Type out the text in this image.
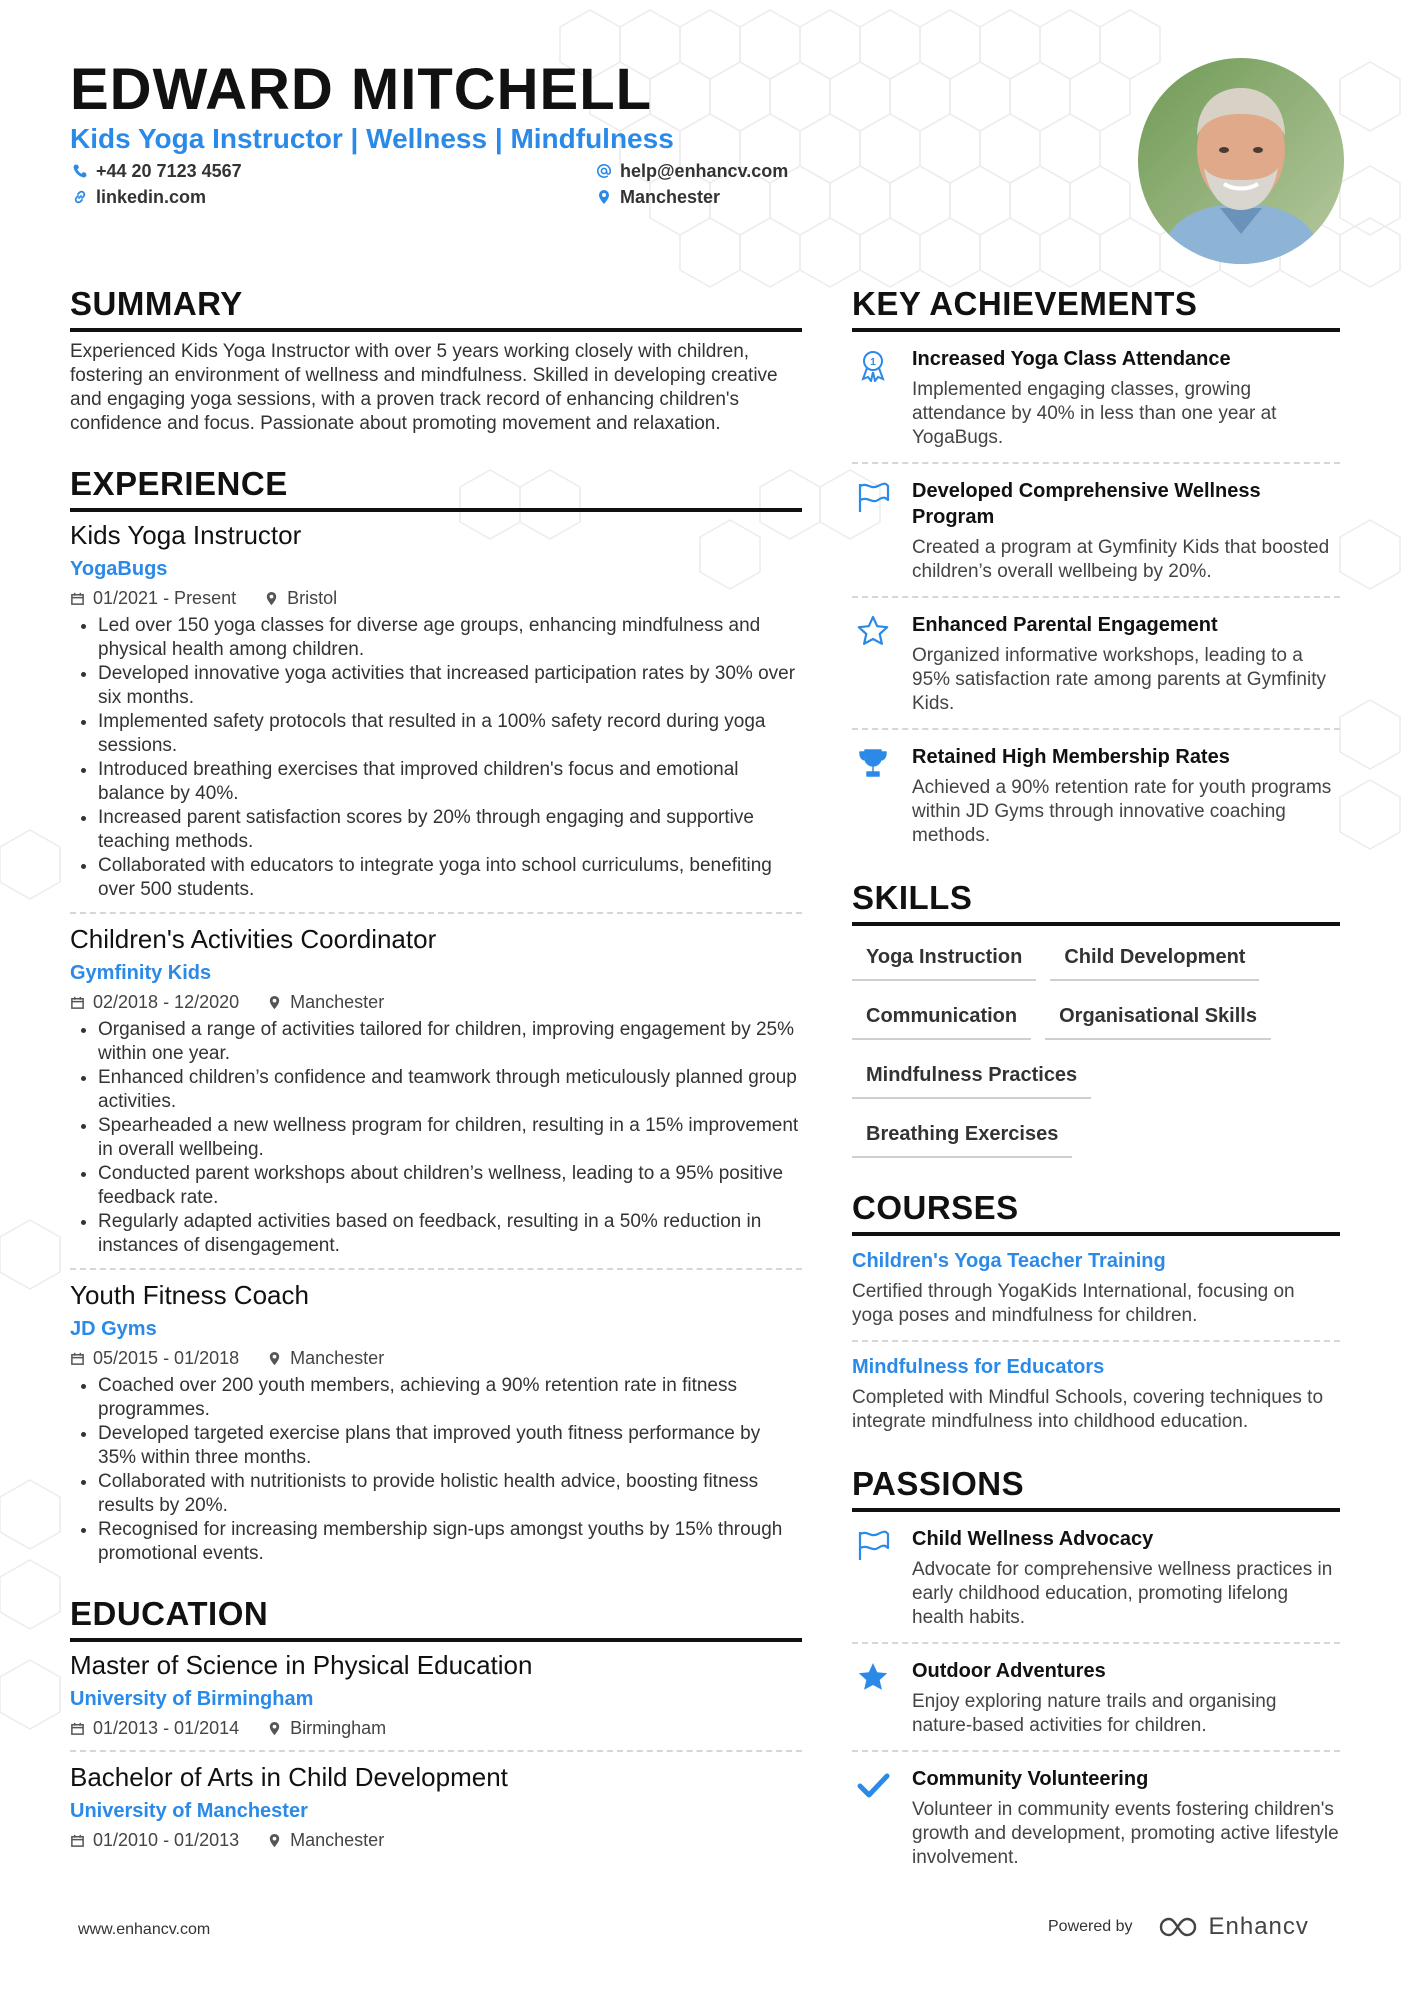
EDWARD MITCHELL
Kids Yoga Instructor | Wellness | Mindfulness
+44 20 7123 4567
linkedin.com
help@enhancv.com
Manchester
SUMMARY

Experienced Kids Yoga Instructor with over 5 years working closely with children, fostering an environment of wellness and mindfulness. Skilled in developing creative and engaging yoga sessions, with a proven track record of enhancing children's confidence and focus. Passionate about promoting movement and relaxation.

EXPERIENCE
Kids Yoga Instructor
YogaBugs
01/2021 - Present	Bristol
• Led over 150 yoga classes for diverse age groups, enhancing mindfulness and physical health among children.
• Developed innovative yoga activities that increased participation rates by 30% over six months.
• Implemented safety protocols that resulted in a 100% safety record during yoga sessions.
• Introduced breathing exercises that improved children's focus and emotional balance by 40%.
• Increased parent satisfaction scores by 20% through engaging and supportive teaching methods.
• Collaborated with educators to integrate yoga into school curriculums, benefiting over 500 students.
Children's Activities Coordinator
Gymfinity Kids
02/2018 - 12/2020	Manchester
• Organised a range of activities tailored for children, improving engagement by 25% within one year.
• Enhanced children’s confidence and teamwork through meticulously planned group activities.
• Spearheaded a new wellness program for children, resulting in a 15% improvement in overall wellbeing.
• Conducted parent workshops about children’s wellness, leading to a 95% positive feedback rate.
• Regularly adapted activities based on feedback, resulting in a 50% reduction in instances of disengagement.
Youth Fitness Coach
JD Gyms
05/2015 - 01/2018	Manchester
• Coached over 200 youth members, achieving a 90% retention rate in fitness programmes.
• Developed targeted exercise plans that improved youth fitness performance by 35% within three months.
• Collaborated with nutritionists to provide holistic health advice, boosting fitness results by 20%.
• Recognised for increasing membership sign-ups amongst youths by 15% through promotional events.
EDUCATION
Master of Science in Physical Education
University of Birmingham
01/2013 - 01/2014	Birmingham
Bachelor of Arts in Child Development
University of Manchester
01/2010 - 01/2013	Manchester
KEY ACHIEVEMENTS
1 Increased Yoga Class Attendance
Implemented engaging classes, growing attendance by 40% in less than one year at YogaBugs.
Developed Comprehensive Wellness Program
Created a program at Gymfinity Kids that boosted children’s overall wellbeing by 20%.
Enhanced Parental Engagement
Organized informative workshops, leading to a 95% satisfaction rate among parents at Gymfinity Kids.
Retained High Membership Rates
Achieved a 90% retention rate for youth programs within JD Gyms through innovative coaching methods.
SKILLS
Yoga Instruction	Child Development
Communication	Organisational Skills
Mindfulness Practices
Breathing Exercises
COURSES
Children's Yoga Teacher Training
Certified through YogaKids International, focusing on yoga poses and mindfulness for children.
Mindfulness for Educators
Completed with Mindful Schools, covering techniques to integrate mindfulness into childhood education.
PASSIONS
Child Wellness Advocacy
Advocate for comprehensive wellness practices in early childhood education, promoting lifelong health habits.
Outdoor Adventures
Enjoy exploring nature trails and organising nature-based activities for children.
Community Volunteering
Volunteer in community events fostering children's growth and development, promoting active lifestyle involvement.
www.enhancv.com	Powered by	Enhancv
